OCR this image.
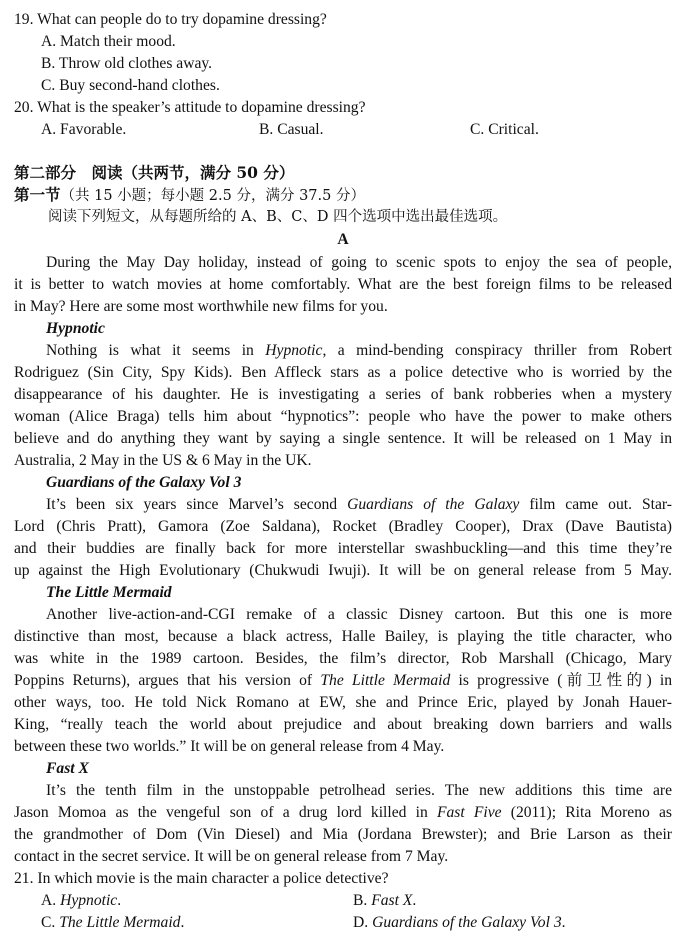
19. What can people do to try dopamine dressing?
A. Match their mood.
B. Throw old clothes away.
C. Buy second-hand clothes.
20. What is the speaker’s attitude to dopamine dressing?
A. Favorable.	B. Casual.	C. Critical.
第二部分　阅读（共两节，满分 50 分）
第一节（共 15 小题；每小题 2.5 分，满分 37.5 分）
阅读下列短文，从每题所给的 A、B、C、D 四个选项中选出最佳选项。
A
During the May Day holiday, instead of going to scenic spots to enjoy the sea of people,
it is better to watch movies at home comfortably. What are the best foreign films to be released
in May? Here are some most worthwhile new films for you.
Hypnotic
Nothing is what it seems in Hypnotic, a mind-bending conspiracy thriller from Robert
Rodriguez (Sin City, Spy Kids). Ben Affleck stars as a police detective who is worried by the
disappearance of his daughter. He is investigating a series of bank robberies when a mystery
woman (Alice Braga) tells him about “hypnotics”: people who have the power to make others
believe and do anything they want by saying a single sentence. It will be released on 1 May in
Australia, 2 May in the US & 6 May in the UK.
Guardians of the Galaxy Vol 3
It’s been six years since Marvel’s second Guardians of the Galaxy film came out. Star-
Lord (Chris Pratt), Gamora (Zoe Saldana), Rocket (Bradley Cooper), Drax (Dave Bautista)
and their buddies are finally back for more interstellar swashbuckling—and this time they’re
up against the High Evolutionary (Chukwudi Iwuji). It will be on general release from 5 May.
The Little Mermaid
Another live-action-and-CGI remake of a classic Disney cartoon. But this one is more
distinctive than most, because a black actress, Halle Bailey, is playing the title character, who
was white in the 1989 cartoon. Besides, the film’s director, Rob Marshall (Chicago, Mary
Poppins Returns), argues that his version of The Little Mermaid is progressive (前卫性的) in
other ways, too. He told Nick Romano at EW, she and Prince Eric, played by Jonah Hauer-
King, “really teach the world about prejudice and about breaking down barriers and walls
between these two worlds.” It will be on general release from 4 May.
Fast X
It’s the tenth film in the unstoppable petrolhead series. The new additions this time are
Jason Momoa as the vengeful son of a drug lord killed in Fast Five (2011); Rita Moreno as
the grandmother of Dom (Vin Diesel) and Mia (Jordana Brewster); and Brie Larson as their
contact in the secret service. It will be on general release from 7 May.
21. In which movie is the main character a police detective?
A. Hypnotic.	B. Fast X.
C. The Little Mermaid.	D. Guardians of the Galaxy Vol 3.
